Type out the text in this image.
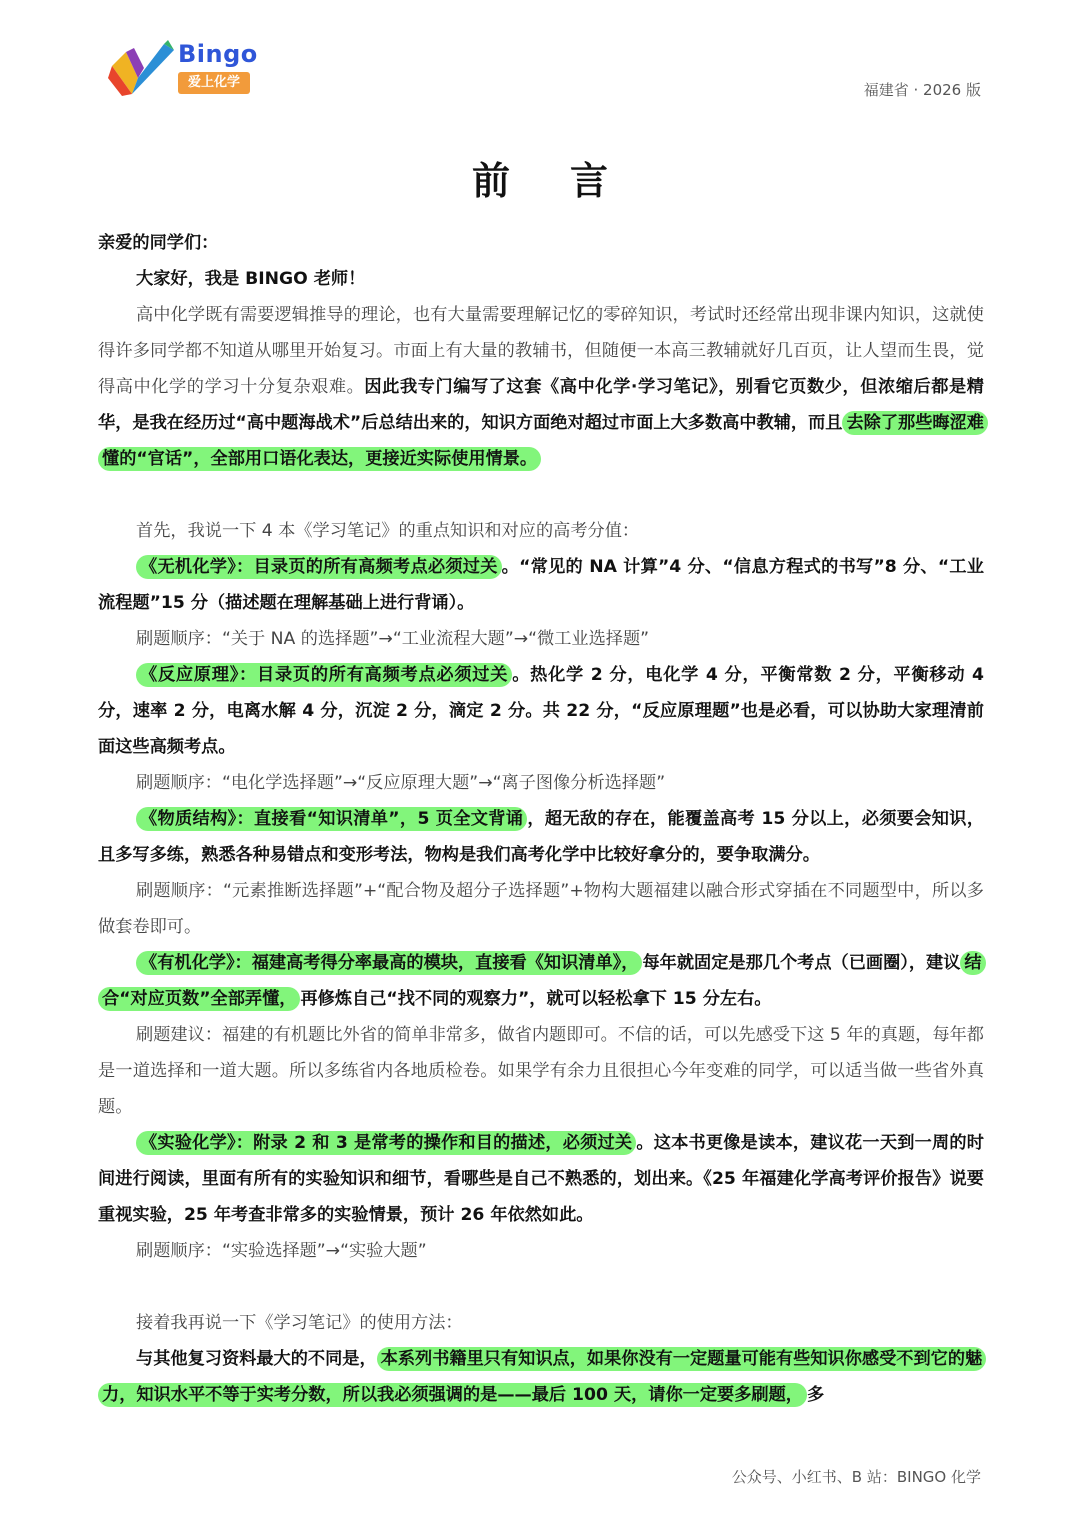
Bingo
爱上化学	福建省 · 2026 版
前言

亲爱的同学们：

大家好，我是 BINGO 老师！

高中化学既有需要逻辑推导的理论，也有大量需要理解记忆的零碎知识，考试时还经常出现非课内知识，这就使得许多同学都不知道从哪里开始复习。市面上有大量的教辅书，但随便一本高三教辅就好几百页，让人望而生畏，觉得高中化学的学习十分复杂艰难。因此我专门编写了这套《高中化学·学习笔记》，别看它页数少，但浓缩后都是精华，是我在经历过“高中题海战术”后总结出来的，知识方面绝对超过市面上大多数高中教辅，而且 去除了那些晦涩难懂的“官话”，全部用口语化表达，更接近实际使用情景。

首先，我说一下 4 本《学习笔记》的重点知识和对应的高考分值：

《无机化学》：目录页的所有高频考点必须过关 。“常见的 NA 计算”4 分、“信息方程式的书写”8 分、“工业流程题”15 分（描述题在理解基础上进行背诵）。

刷题顺序：“关于 NA 的选择题”→“工业流程大题”→“微工业选择题”

《反应原理》：目录页的所有高频考点必须过关 。热化学 2 分，电化学 4 分，平衡常数 2 分，平衡移动 4 分，速率 2 分，电离水解 4 分，沉淀 2 分，滴定 2 分。共 22 分，“反应原理题”也是必看，可以协助大家理清前面这些高频考点。

刷题顺序：“电化学选择题”→“反应原理大题”→“离子图像分析选择题”

《物质结构》：直接看“知识清单”，5 页全文背诵 ，超无敌的存在，能覆盖高考 15 分以上，必须要会知识，且多写多练，熟悉各种易错点和变形考法，物构是我们高考化学中比较好拿分的，要争取满分。

刷题顺序：“元素推断选择题”+“配合物及超分子选择题”+物构大题福建以融合形式穿插在不同题型中，所以多做套卷即可。

《有机化学》：福建高考得分率最高的模块，直接看《知识清单》， 每年就固定是那几个考点（已画圈），建议 结合“对应页数”全部弄懂， 再修炼自己“找不同的观察力”，就可以轻松拿下 15 分左右。

刷题建议：福建的有机题比外省的简单非常多，做省内题即可。不信的话，可以先感受下这 5 年的真题，每年都是一道选择和一道大题。所以多练省内各地质检卷。如果学有余力且很担心今年变难的同学，可以适当做一些省外真题。

《实验化学》：附录 2 和 3 是常考的操作和目的描述，必须过关 。这本书更像是读本，建议花一天到一周的时间进行阅读，里面有所有的实验知识和细节，看哪些是自己不熟悉的，划出来。《25 年福建化学高考评价报告》说要重视实验，25 年考查非常多的实验情景，预计 26 年依然如此。

刷题顺序：“实验选择题”→“实验大题”

接着我再说一下《学习笔记》的使用方法：

与其他复习资料最大的不同是， 本系列书籍里只有知识点，如果你没有一定题量可能有些知识你感受不到它的魅力，知识水平不等于实考分数，所以我必须强调的是——最后 100 天，请你一定要多刷题， 多

公众号、小红书、B 站：BINGO 化学
